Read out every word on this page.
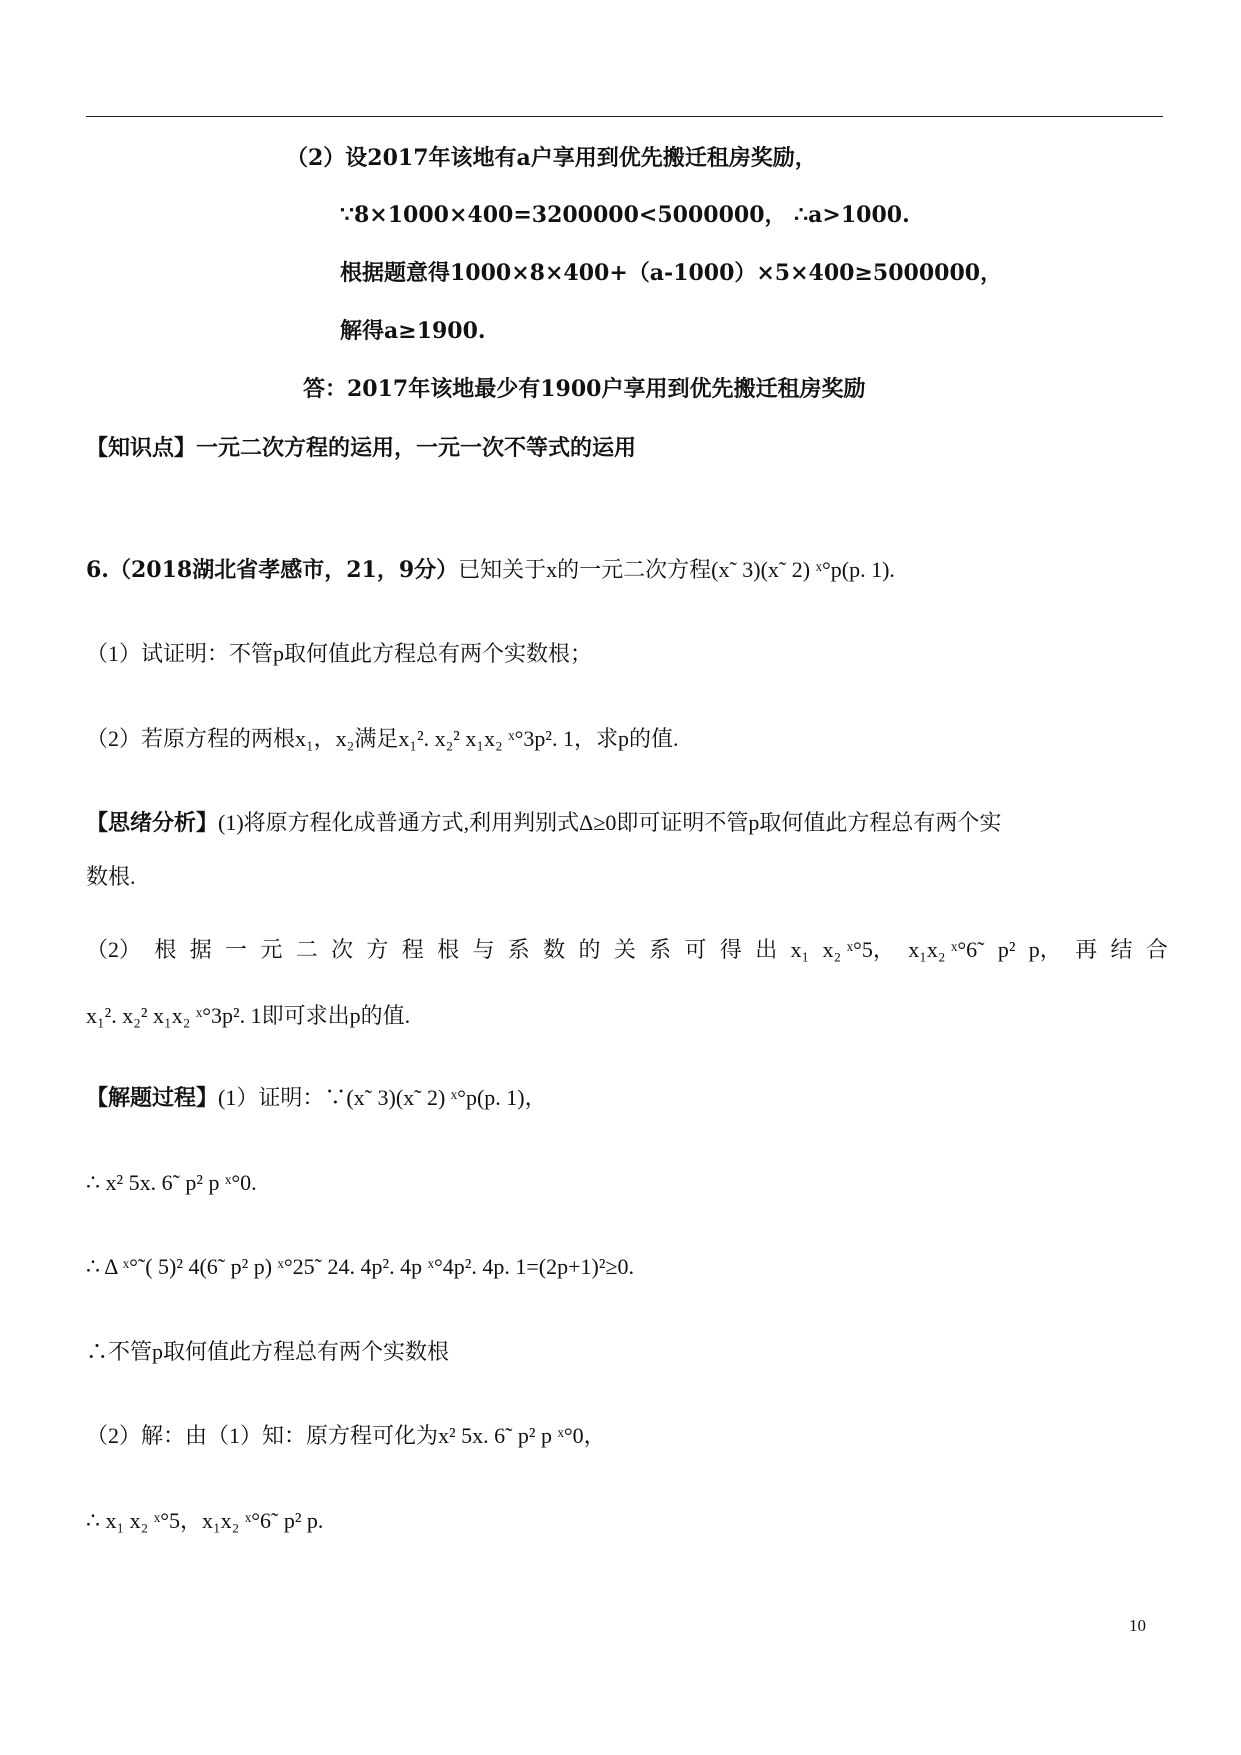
（2）设2017年该地有a户享用到优先搬迁租房奖励，
∵8×1000×400=3200000<5000000， ∴a>1000.
根据题意得1000×8×400+（a-1000）×5×400≥5000000，
解得a≥1900.
答：2017年该地最少有1900户享用到优先搬迁租房奖励
【知识点】一元二次方程的运用，一元一次不等式的运用
6.（2018湖北省孝感市，21，9分）已知关于x的一元二次方程(x˜ 3)(x˜ 2) ˣ°p(p. 1).
（1）试证明：不管p取何值此方程总有两个实数根；
（2）若原方程的两根x₁，x₂满足x₁². x₂² x₁x₂ ˣ°3p². 1，求p的值.
【思绪分析】(1)将原方程化成普通方式,利用判别式Δ≥0即可证明不管p取何值此方程总有两个实
数根.
（2） 根 据 一 元 二 次 方 程 根 与 系 数 的 关 系 可 得 出 x₁ x₂ ˣ°5， x₁x₂ ˣ°6˜ p² p， 再 结 合
x₁². x₂² x₁x₂ ˣ°3p². 1即可求出p的值.
【解题过程】(1）证明：∵(x˜ 3)(x˜ 2) ˣ°p(p. 1)，
∴ x² 5x. 6˜ p² p ˣ°0.
∴ Δ ˣ°˜( 5)² 4(6˜ p² p) ˣ°25˜ 24. 4p². 4p ˣ°4p². 4p. 1=(2p+1)²≥0.
∴不管p取何值此方程总有两个实数根
（2）解：由（1）知：原方程可化为x² 5x. 6˜ p² p ˣ°0，
∴ x₁ x₂ ˣ°5，x₁x₂ ˣ°6˜ p² p.
10
